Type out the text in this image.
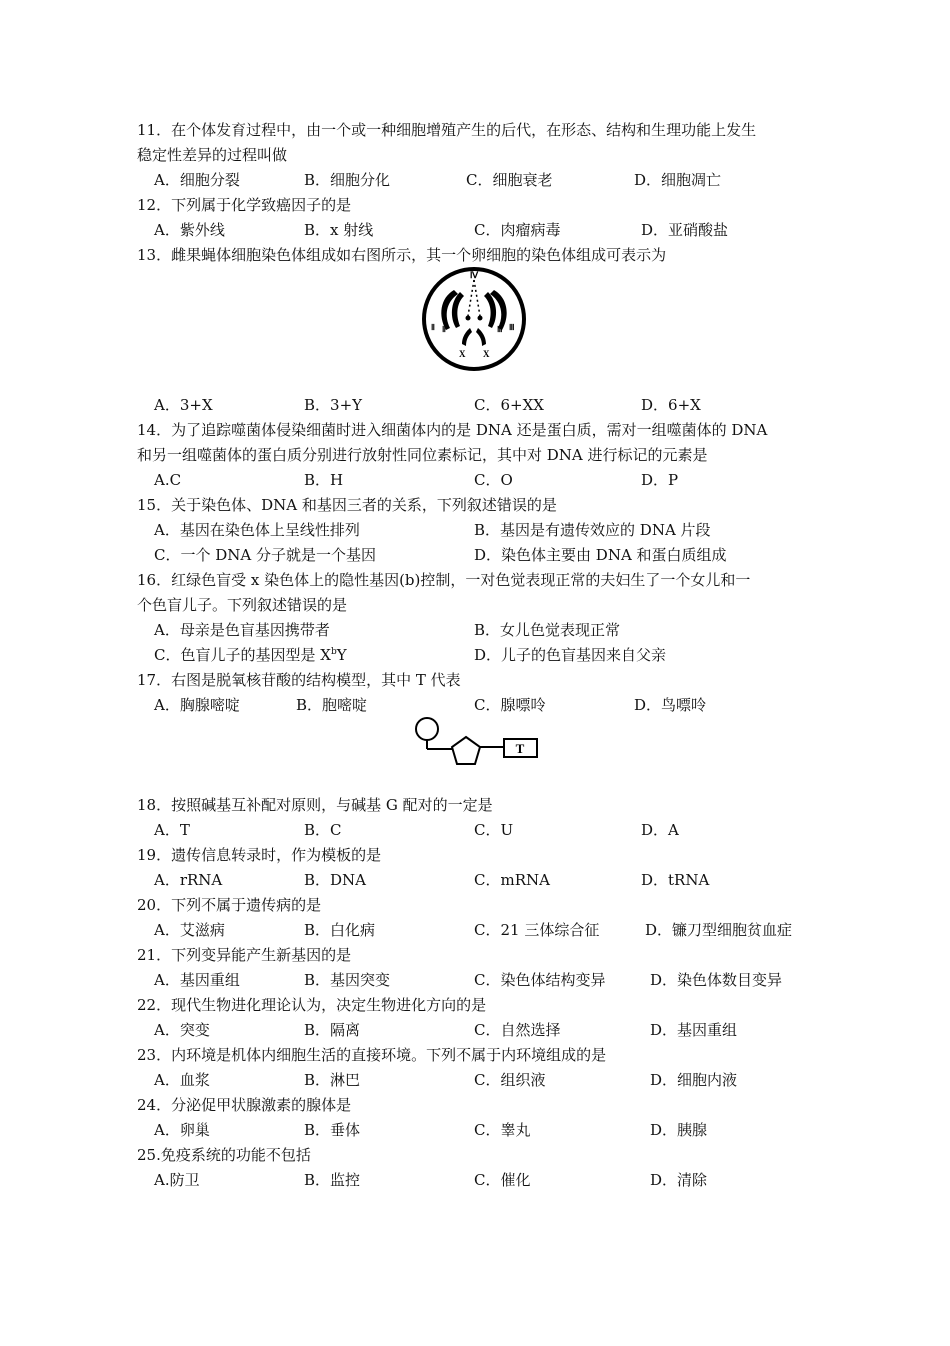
11．在个体发育过程中，由一个或一种细胞增殖产生的后代，在形态、结构和生理功能上发生
稳定性差异的过程叫做
A．细胞分裂	B．细胞分化	C．细胞衰老	D．细胞凋亡
12．下列属于化学致癌因子的是
A．紫外线	B．x 射线	C．肉瘤病毒	D．亚硝酸盐
13．雌果蝇体细胞染色体组成如右图所示，其一个卵细胞的染色体组成可表示为
Ⅳ
Ⅱ Ⅱ	Ⅲ Ⅲ
X X
A．3+X	B．3+Y	C．6+XX	D．6+X
14．为了追踪噬菌体侵染细菌时进入细菌体内的是 DNA 还是蛋白质，需对一组噬菌体的 DNA
和另一组噬菌体的蛋白质分别进行放射性同位素标记，其中对 DNA 进行标记的元素是
A.C	B．H	C．O	D．P
15．关于染色体、DNA 和基因三者的关系，下列叙述错误的是
A．基因在染色体上呈线性排列	B．基因是有遗传效应的 DNA 片段
C．一个 DNA 分子就是一个基因	D．染色体主要由 DNA 和蛋白质组成
16．红绿色盲受 x 染色体上的隐性基因(b)控制，一对色觉表现正常的夫妇生了一个女儿和一
个色盲儿子。下列叙述错误的是
A．母亲是色盲基因携带者	B．女儿色觉表现正常
C．色盲儿子的基因型是 $X^bY$	D．儿子的色盲基因来自父亲
17．右图是脱氧核苷酸的结构模型，其中 T 代表
A．胸腺嘧啶	B．胞嘧啶	C．腺嘌呤	D．鸟嘌呤
T
18．按照碱基互补配对原则，与碱基 G 配对的一定是
A．T	B．C	C．U	D．A
19．遗传信息转录时，作为模板的是
A．rRNA	B．DNA	C．mRNA	D．tRNA
20．下列不属于遗传病的是
A．艾滋病	B．白化病	C．21 三体综合征	D．镰刀型细胞贫血症
21．下列变异能产生新基因的是
A．基因重组	B．基因突变	C．染色体结构变异	D．染色体数目变异
22．现代生物进化理论认为，决定生物进化方向的是
A．突变	B．隔离	C．自然选择	D．基因重组
23．内环境是机体内细胞生活的直接环境。下列不属于内环境组成的是
A．血浆	B．淋巴	C．组织液	D．细胞内液
24．分泌促甲状腺激素的腺体是
A．卵巢	B．垂体	C．睾丸	D．胰腺
25.免疫系统的功能不包括
A.防卫	B．监控	C．催化	D．清除
